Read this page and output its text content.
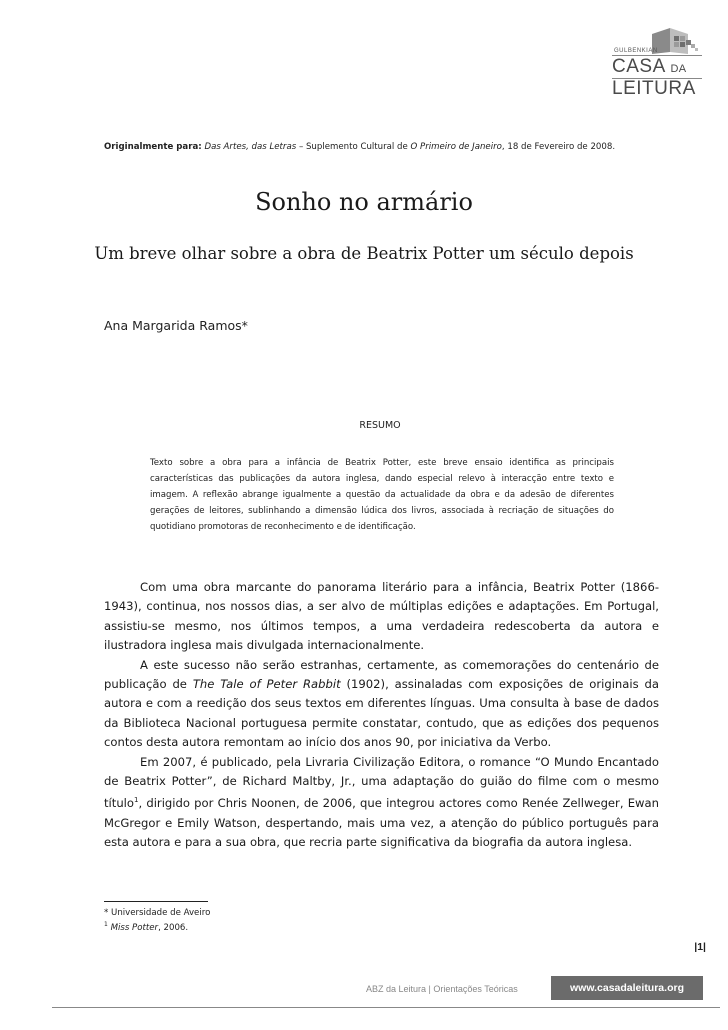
GULBENKIAN
CASA DA
LEITURA
Originalmente para: Das Artes, das Letras – Suplemento Cultural de O Primeiro de Janeiro, 18 de Fevereiro de 2008.
Sonho no armário
Um breve olhar sobre a obra de Beatrix Potter um século depois
Ana Margarida Ramos*
RESUMO
Texto sobre a obra para a infância de Beatrix Potter, este breve ensaio identifica as principais características das publicações da autora inglesa, dando especial relevo à interacção entre texto e imagem. A reflexão abrange igualmente a questão da actualidade da obra e da adesão de diferentes gerações de leitores, sublinhando a dimensão lúdica dos livros, associada à recriação de situações do quotidiano promotoras de reconhecimento e de identificação.

Com uma obra marcante do panorama literário para a infância, Beatrix Potter (1866-1943), continua, nos nossos dias, a ser alvo de múltiplas edições e adaptações. Em Portugal, assistiu-se mesmo, nos últimos tempos, a uma verdadeira redescoberta da autora e ilustradora inglesa mais divulgada internacionalmente.

A este sucesso não serão estranhas, certamente, as comemorações do centenário de publicação de The Tale of Peter Rabbit (1902), assinaladas com exposições de originais da autora e com a reedição dos seus textos em diferentes línguas. Uma consulta à base de dados da Biblioteca Nacional portuguesa permite constatar, contudo, que as edições dos pequenos contos desta autora remontam ao início dos anos 90, por iniciativa da Verbo.

Em 2007, é publicado, pela Livraria Civilização Editora, o romance “O Mundo Encantado de Beatrix Potter”, de Richard Maltby, Jr., uma adaptação do guião do filme com o mesmo título$^1$, dirigido por Chris Noonen, de 2006, que integrou actores como Renée Zellweger, Ewan McGregor e Emily Watson, despertando, mais uma vez, a atenção do público português para esta autora e para a sua obra, que recria parte significativa da biografia da autora inglesa.

* Universidade de Aveiro
$^1$ Miss Potter, 2006.
|1|
ABZ da Leitura | Orientações Teóricas	www.casadaleitura.org
